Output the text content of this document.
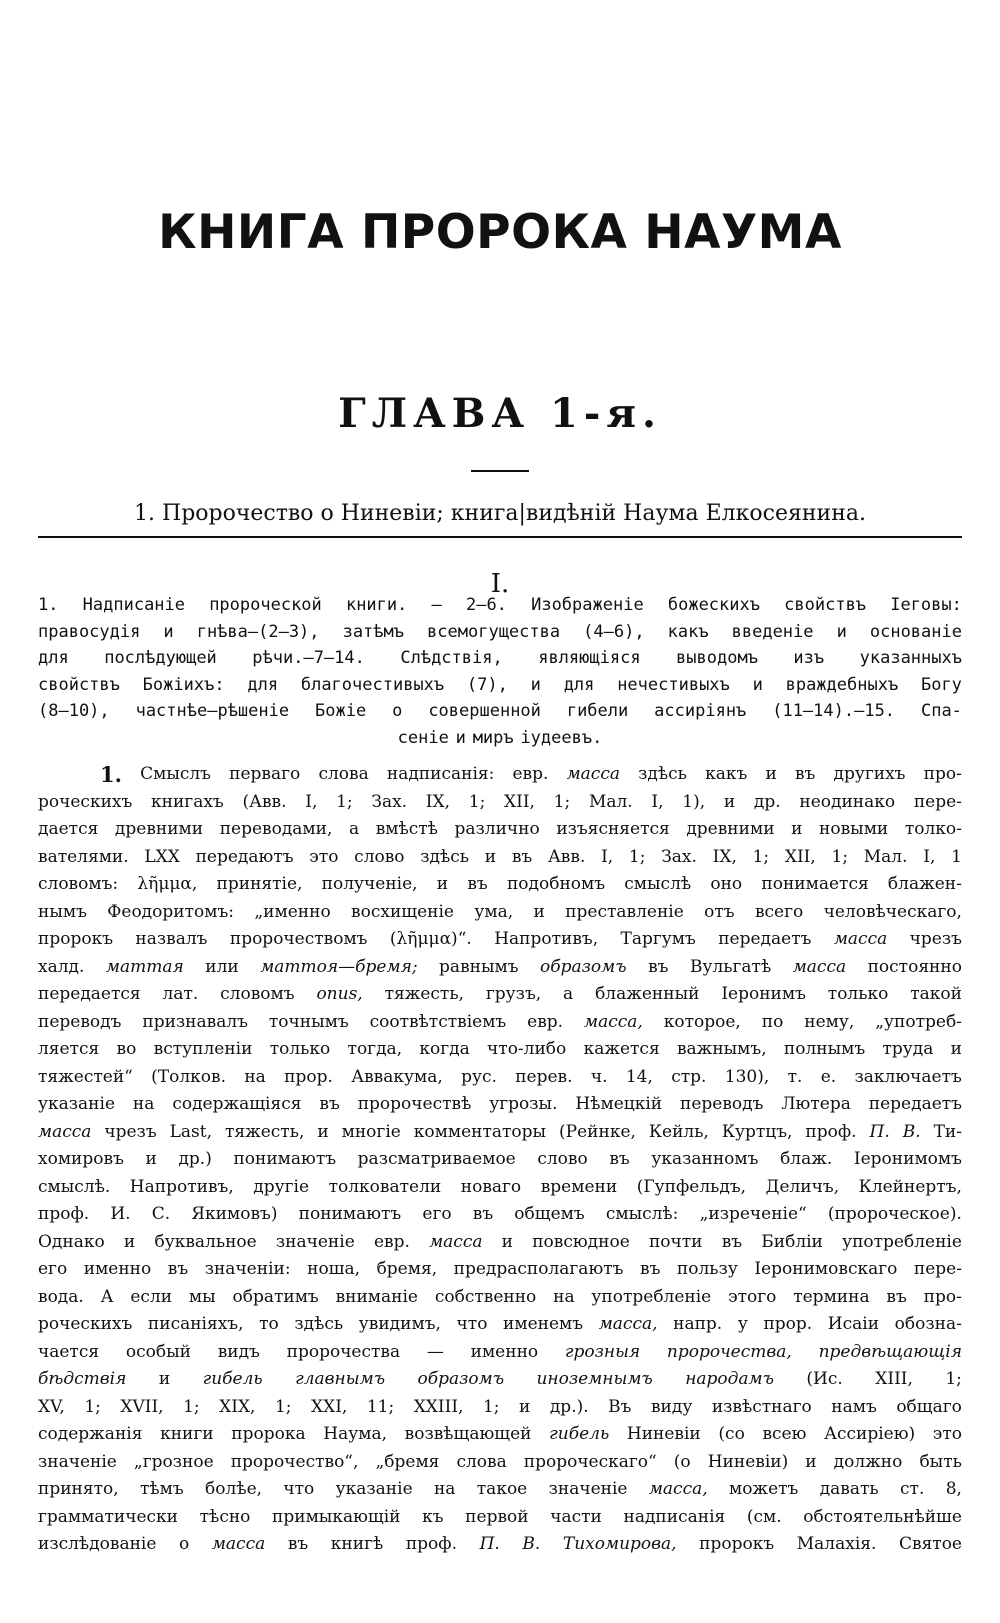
КНИГА ПРОРОКА НАУМА
ГЛАВА 1-я.
1. Пророчество о Ниневіи; книга|видѣній Наума Елкосеянина.
I.
1. Надписаніе пророческой книги. — 2—6. Изображеніе божескихъ свойствъ Іеговы:
правосудія и гнѣва—(2—3), затѣмъ всемогущества (4—6), какъ введеніе и основаніе
для послѣдующей рѣчи.—7—14. Слѣдствія, являющіяся выводомъ изъ указанныхъ
свойствъ Божіихъ: для благочестивыхъ (7), и для нечестивыхъ и враждебныхъ Богу
(8—10), частнѣе—рѣшеніе Божіе о совершенной гибели ассиріянъ (11—14).—15. Спа-
сеніе и миръ іудеевъ.
1. Смыслъ перваго слова надписанія: евр. масса здѣсь какъ и въ другихъ про-
роческихъ книгахъ (Авв. I, 1; Зах. IX, 1; XII, 1; Мал. I, 1), и др. неодинако пере-
дается древними переводами, а вмѣстѣ различно изъясняется древними и новыми толко-
вателями. LXX передаютъ это слово здѣсь и въ Авв. I, 1; Зах. IX, 1; XII, 1; Мал. I, 1
словомъ: λῆμμα, принятіе, полученіе, и въ подобномъ смыслѣ оно понимается блажен-
нымъ Феодоритомъ: „именно восхищеніе ума, и преставленіе отъ всего человѣческаго,
пророкъ назвалъ пророчествомъ (λῆμμα)“. Напротивъ, Таргумъ передаетъ масса чрезъ
халд. маттая или маттоя—бремя; равнымъ образомъ въ Вульгатѣ масса постоянно
передается лат. словомъ onus, тяжесть, грузъ, а блаженный Іеронимъ только такой
переводъ признавалъ точнымъ соотвѣтствіемъ евр. масса, которое, по нему, „употреб-
ляется во вступленіи только тогда, когда что-либо кажется важнымъ, полнымъ труда и
тяжестей“ (Толков. на прор. Аввакума, рус. перев. ч. 14, стр. 130), т. е. заключаетъ
указаніе на содержащіяся въ пророчествѣ угрозы. Нѣмецкій переводъ Лютера передаетъ
масса чрезъ Last, тяжесть, и многіе комментаторы (Рейнке, Кейль, Куртцъ, проф. П. В. Ти-
хомировъ и др.) понимаютъ разсматриваемое слово въ указанномъ блаж. Іеронимомъ
смыслѣ. Напротивъ, другіе толкователи новаго времени (Гупфельдъ, Деличъ, Клейнертъ,
проф. И. С. Якимовъ) понимаютъ его въ общемъ смыслѣ: „изреченіе“ (пророческое).
Однако и буквальное значеніе евр. масса и повсюдное почти въ Библіи употребленіе
его именно въ значеніи: ноша, бремя, предрасполагаютъ въ пользу Іеронимовскаго пере-
вода. А если мы обратимъ вниманіе собственно на употребленіе этого термина въ про-
роческихъ писаніяхъ, то здѣсь увидимъ, что именемъ масса, напр. у прор. Исаіи обозна-
чается особый видъ пророчества — именно грозныя пророчества, предвѣщающія
бѣдствія и гибель главнымъ образомъ иноземнымъ народамъ (Ис. XIII, 1;
XV, 1; XVII, 1; XIX, 1; XXI, 11; XXIII, 1; и др.). Въ виду извѣстнаго намъ общаго
содержанія книги пророка Наума, возвѣщающей гибель Ниневіи (со всею Ассиріею) это
значеніе „грозное пророчество“, „бремя слова пророческаго“ (о Ниневіи) и должно быть
принято, тѣмъ болѣе, что указаніе на такое значеніе масса, можетъ давать ст. 8,
грамматически тѣсно примыкающій къ первой части надписанія (см. обстоятельнѣйше
изслѣдованіе о масса въ книгѣ проф. П. В. Тихомирова, пророкъ Малахія. Святое
